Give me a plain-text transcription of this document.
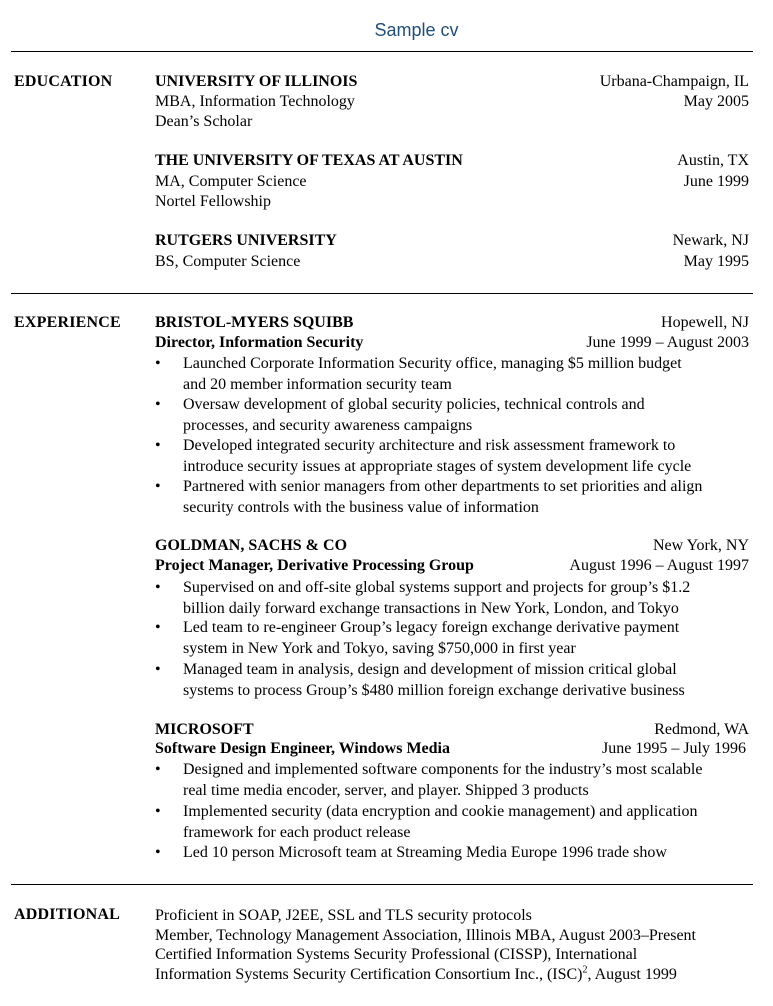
Sample cv
EDUCATION	UNIVERSITY OF ILLINOIS	Urbana-Champaign, IL
MBA, Information Technology	May 2005
Dean’s Scholar
THE UNIVERSITY OF TEXAS AT AUSTIN	Austin, TX
MA, Computer Science	June 1999
Nortel Fellowship
RUTGERS UNIVERSITY	Newark, NJ
BS, Computer Science	May 1995
EXPERIENCE BRISTOL-MYERS SQUIBB	Hopewell, NJ
Director, Information Security	June 1999 – August 2003
• Launched Corporate Information Security office, managing $5 million budget
and 20 member information security team
• Oversaw development of global security policies, technical controls and
processes, and security awareness campaigns
• Developed integrated security architecture and risk assessment framework to
introduce security issues at appropriate stages of system development life cycle
• Partnered with senior managers from other departments to set priorities and align
security controls with the business value of information
GOLDMAN, SACHS & CO	New York, NY
Project Manager, Derivative Processing Group	August 1996 – August 1997
• Supervised on and off-site global systems support and projects for group’s $1.2
billion daily forward exchange transactions in New York, London, and Tokyo
• Led team to re-engineer Group’s legacy foreign exchange derivative payment
system in New York and Tokyo, saving $750,000 in first year
• Managed team in analysis, design and development of mission critical global
systems to process Group’s $480 million foreign exchange derivative business
MICROSOFT	Redmond, WA
Software Design Engineer, Windows Media	June 1995 – July 1996
• Designed and implemented software components for the industry’s most scalable
real time media encoder, server, and player. Shipped 3 products
• Implemented security (data encryption and cookie management) and application
framework for each product release
• Led 10 person Microsoft team at Streaming Media Europe 1996 trade show
ADDITIONAL Proficient in SOAP, J2EE, SSL and TLS security protocols
Member, Technology Management Association, Illinois MBA, August 2003–Present
Certified Information Systems Security Professional (CISSP), International
Information Systems Security Certification Consortium Inc., (ISC)$^2$, August 1999
